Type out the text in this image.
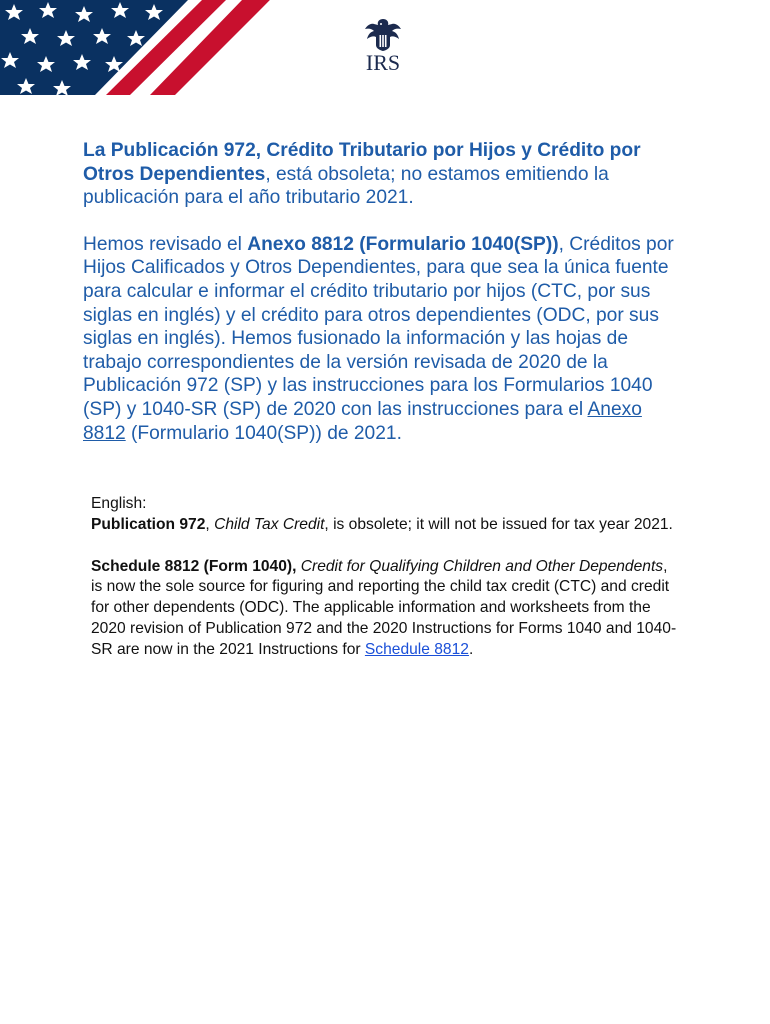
IRS

La Publicación 972, Crédito Tributario por Hijos y Crédito por Otros Dependientes, está obsoleta; no estamos emitiendo la publicación para el año tributario 2021.

Hemos revisado el Anexo 8812 (Formulario 1040(SP)), Créditos por Hijos Calificados y Otros Dependientes, para que sea la única fuente para calcular e informar el crédito tributario por hijos (CTC, por sus siglas en inglés) y el crédito para otros dependientes (ODC, por sus siglas en inglés). Hemos fusionado la información y las hojas de trabajo correspondientes de la versión revisada de 2020 de la Publicación 972 (SP) y las instrucciones para los Formularios 1040 (SP) y 1040-SR (SP) de 2020 con las instrucciones para el Anexo 8812 (Formulario 1040(SP)) de 2021.

English:

Publication 972, Child Tax Credit, is obsolete; it will not be issued for tax year 2021.

Schedule 8812 (Form 1040), Credit for Qualifying Children and Other Dependents, is now the sole source for figuring and reporting the child tax credit (CTC) and credit for other dependents (ODC). The applicable information and worksheets from the 2020 revision of Publication 972 and the 2020 Instructions for Forms 1040 and 1040-SR are now in the 2021 Instructions for Schedule 8812.
